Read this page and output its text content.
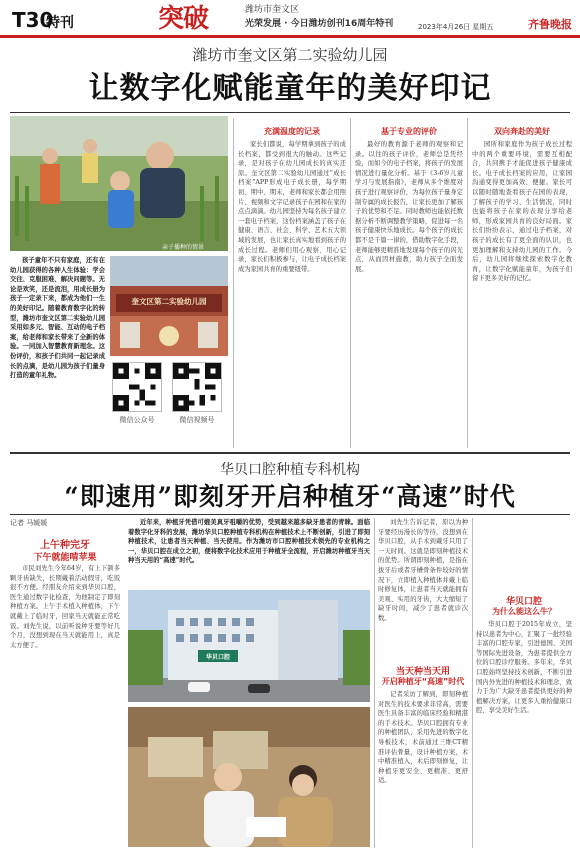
T30
特刊	突破	潍坊市奎文区
光荣发展 · 今日潍坊创刊16周年特刊	2023年4月26日 星期五	齐鲁晚报
潍坊市奎文区第二实验幼儿园
让数字化赋能童年的美好印记
亲子播种的情景
孩子童年不只有家庭，还有在幼儿园获得的各种人生体验：学会交往、克服困难、解决问题等。无论是欢笑，还是流泪，用成长册为孩子一定录下来，都成为他们一生的美好印记。随着教育数字化的转型，潍坊市奎文区第二实验幼儿园采用如多元、智能、互动的电子档案，给老师和家长带来了全新的体验。一同加入智慧教育新理念。这份评价，和孩子们共同一起记录成长的点滴，是幼儿园为孩子们量身打造的童年礼物。
奎文区第二实验幼儿园
微信公众号	微信视频号
充满温度的记录
家长们都说，每学期拿到孩子的成长档案，都受到很大的触动。这些记录，是对孩子在幼儿园成长的真实还原。奎文区第二实验幼儿园通过“成长档案”APP形成电子成长册，每学期初、期中、期末，老师和家长都会用照片、视频和文字记录孩子在园和在家的点点滴滴。幼儿园坚持为每名孩子建立一套电子档案，这份档案涵盖了孩子在健康、语言、社会、科学、艺术五大领域的发展，也让家长真实地看到孩子的成长过程。老师们用心观察、用心记录，家长们积极参与，让电子成长档案成为家园共育的重要纽带。
基于专业的评价
最好的教育源于老师的观察和记录。以往的孩子评价，老师总是凭经验，而如今的电子档案，将孩子的发展情况进行量化分析。基于《3-6岁儿童学习与发展指南》，老师从多个维度对孩子进行观察评价，为每位孩子量身定制专属的成长报告，让家长更加了解孩子的优势和不足。同时教师也能依托数据分析不断调整教学策略，促进每一名孩子健康快乐地成长。每个孩子的成长都不是千篇一律的，借助数字化手段，老师能够更精准地发现每个孩子的闪光点，从而因材施教，助力孩子全面发展。
双向奔赴的美好
园所和家庭作为孩子成长过程中的两个重要环境，需要互相配合，共同携手才能促进孩子健康成长。电子成长档案的应用，让家园沟通变得更加高效、便捷。家长可以随时随地查看孩子在园的表现，了解孩子的学习、生活情况，同时也能将孩子在家的表现分享给老师，形成家园共育的良好局面。家长们纷纷表示，通过电子档案，对孩子的成长有了更全面的认识，也更加理解和支持幼儿园的工作。今后，幼儿园将继续探索数字化教育，让数字化赋能童年，为孩子们留下更多美好的记忆。
华贝口腔种植专科机构
“即速用”即刻牙开启种植牙“高速”时代
记者 马媛媛
上午种完牙
下午就能啃苹果
市民刘先生今年64岁，有上下颌多颗牙齿缺失，长期戴着活动假牙，吃饭很不方便。经朋友介绍来到华贝口腔，医生通过数字化检查，为他制定了即刻种植方案。上午手术植入种植体，下午就戴上了临时牙，回家当天就能正常吃饭。刘先生说，以前听说种牙要等好几个月，没想到现在当天就能用上，真是太方便了。
近年来，种植牙凭借可媲美真牙咀嚼的优势，受到越来越多缺牙患者的青睐。面临着数字化牙科的发展，潍坊华贝口腔种植专科机构在种植技术上不断创新，引进了即刻种植技术，让患者当天种植、当天使用。作为潍坊市口腔种植技术领先的专业机构之一，华贝口腔在成立之初，便将数字化技术应用于种植牙全流程，开启潍坊种植牙当天种当天用的“高速”时代。
华贝口腔
刘先生告诉记者，原以为种牙要经历漫长的等待，没想到在华贝口腔，从手术到戴牙只用了一天时间。这就是即刻种植技术的优势。所谓即刻种植，是指在拔牙后或者牙槽骨条件较好的情况下，立即植入种植体并戴上临时修复体，让患者当天就能拥有美观、实用的牙齿，大大缩短了缺牙时间，减少了患者就诊次数。
当天种当天用
开启种植牙“高速”时代
记者采访了解到，即刻种植对医生的技术要求非常高，需要医生具备丰富的临床经验和精湛的手术技术。华贝口腔拥有专业的种植团队，采用先进的数字化导板技术，术前通过三维CT精准评估骨量，设计种植方案，术中精准植入，术后即刻修复，让种植牙更安全、更精准、更舒适。
华贝口腔
为什么能这么牛？
华贝口腔于2015年成立，坚持以患者为中心，汇聚了一批经验丰富的口腔专家，引进德国、美国等国际先进设备，为患者提供全方位的口腔诊疗服务。多年来，华贝口腔始终坚持技术创新，不断引进国内外先进的种植技术和理念，致力于为广大缺牙患者提供更好的种植解决方案，让更多人重拾健康口腔，享受美好生活。
